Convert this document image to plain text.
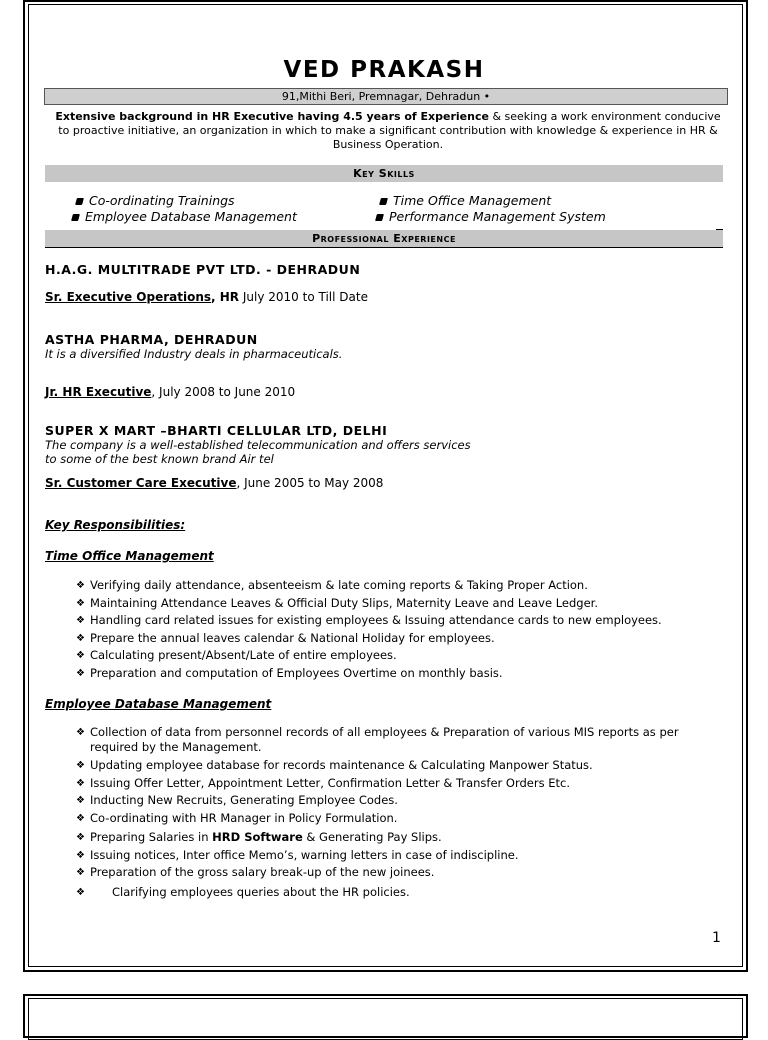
VED PRAKASH
91,Mithi Beri, Premnagar, Dehradun •
Extensive background in HR Executive having 4.5 years of Experience & seeking a work environment conducive to proactive initiative, an organization in which to make a significant contribution with knowledge & experience in HR & Business Operation.
Key Skills
Co-ordinating Trainings	Time Office Management
Employee Database Management	Performance Management System
Professional Experience
H.A.G. MULTITRADE PVT LTD. - DEHRADUN
Sr. Executive Operations, HR July 2010 to Till Date
ASTHA PHARMA, DEHRADUN
It is a diversified Industry deals in pharmaceuticals.
Jr. HR Executive, July 2008 to June 2010
SUPER X MART –BHARTI CELLULAR LTD, DELHI
The company is a well-established telecommunication and offers services
to some of the best known brand Air tel
Sr. Customer Care Executive, June 2005 to May 2008
Key Responsibilities:
Time Office Management
❖ Verifying daily attendance, absenteeism & late coming reports & Taking Proper Action.
❖ Maintaining Attendance Leaves & Official Duty Slips, Maternity Leave and Leave Ledger.
❖ Handling card related issues for existing employees & Issuing attendance cards to new employees.
❖ Prepare the annual leaves calendar & National Holiday for employees.
❖ Calculating present/Absent/Late of entire employees.
❖ Preparation and computation of Employees Overtime on monthly basis.
Employee Database Management
❖ Collection of data from personnel records of all employees & Preparation of various MIS reports as per required by the Management.
❖ Updating employee database for records maintenance & Calculating Manpower Status.
❖ Issuing Offer Letter, Appointment Letter, Confirmation Letter & Transfer Orders Etc.
❖ Inducting New Recruits, Generating Employee Codes.
❖ Co-ordinating with HR Manager in Policy Formulation.
❖ Preparing Salaries in HRD Software & Generating Pay Slips.
❖ Issuing notices, Inter office Memo’s, warning letters in case of indiscipline.
❖ Preparation of the gross salary break-up of the new joinees.
❖ Clarifying employees queries about the HR policies.
1
